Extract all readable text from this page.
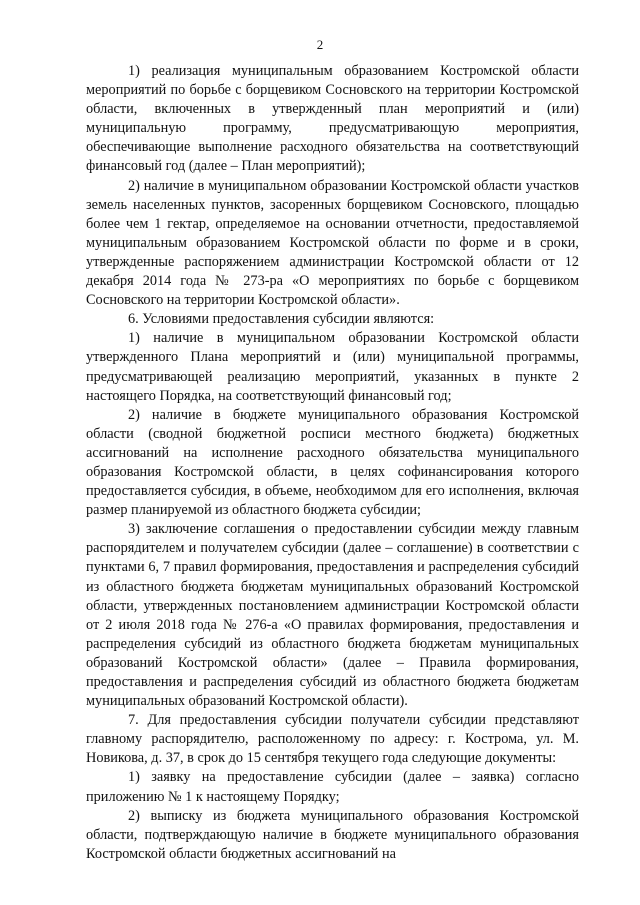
2

1) реализация муниципальным образованием Костромской области мероприятий по борьбе с борщевиком Сосновского на территории Костромской области, включенных в утвержденный план мероприятий и (или) муниципальную программу, предусматривающую мероприятия, обеспечивающие выполнение расходного обязательства на соответствующий финансовый год (далее – План мероприятий);

2) наличие в муниципальном образовании Костромской области участков земель населенных пунктов, засоренных борщевиком Сосновского, площадью более чем 1 гектар, определяемое на основании отчетности, предоставляемой муниципальным образованием Костромской области по форме и в сроки, утвержденные распоряжением администрации Костромской области от 12 декабря 2014 года № 273-ра «О мероприятиях по борьбе с борщевиком Сосновского на территории Костромской области».

6. Условиями предоставления субсидии являются:

1) наличие в муниципальном образовании Костромской области утвержденного Плана мероприятий и (или) муниципальной программы, предусматривающей реализацию мероприятий, указанных в пункте 2 настоящего Порядка, на соответствующий финансовый год;

2) наличие в бюджете муниципального образования Костромской области (сводной бюджетной росписи местного бюджета) бюджетных ассигнований на исполнение расходного обязательства муниципального образования Костромской области, в целях софинансирования которого предоставляется субсидия, в объеме, необходимом для его исполнения, включая размер планируемой из областного бюджета субсидии;

3) заключение соглашения о предоставлении субсидии между главным распорядителем и получателем субсидии (далее – соглашение) в соответствии с пунктами 6, 7 правил формирования, предоставления и распределения субсидий из областного бюджета бюджетам муниципальных образований Костромской области, утвержденных постановлением администрации Костромской области от 2 июля 2018 года № 276-а «О правилах формирования, предоставления и распределения субсидий из областного бюджета бюджетам муниципальных образований Костромской области» (далее – Правила формирования, предоставления и распределения субсидий из областного бюджета бюджетам муниципальных образований Костромской области).

7. Для предоставления субсидии получатели субсидии представляют главному распорядителю, расположенному по адресу: г. Кострома, ул. М. Новикова, д. 37, в срок до 15 сентября текущего года следующие документы:

1) заявку на предоставление субсидии (далее – заявка) согласно приложению № 1 к настоящему Порядку;

2) выписку из бюджета муниципального образования Костромской области, подтверждающую наличие в бюджете муниципального образования Костромской области бюджетных ассигнований на
